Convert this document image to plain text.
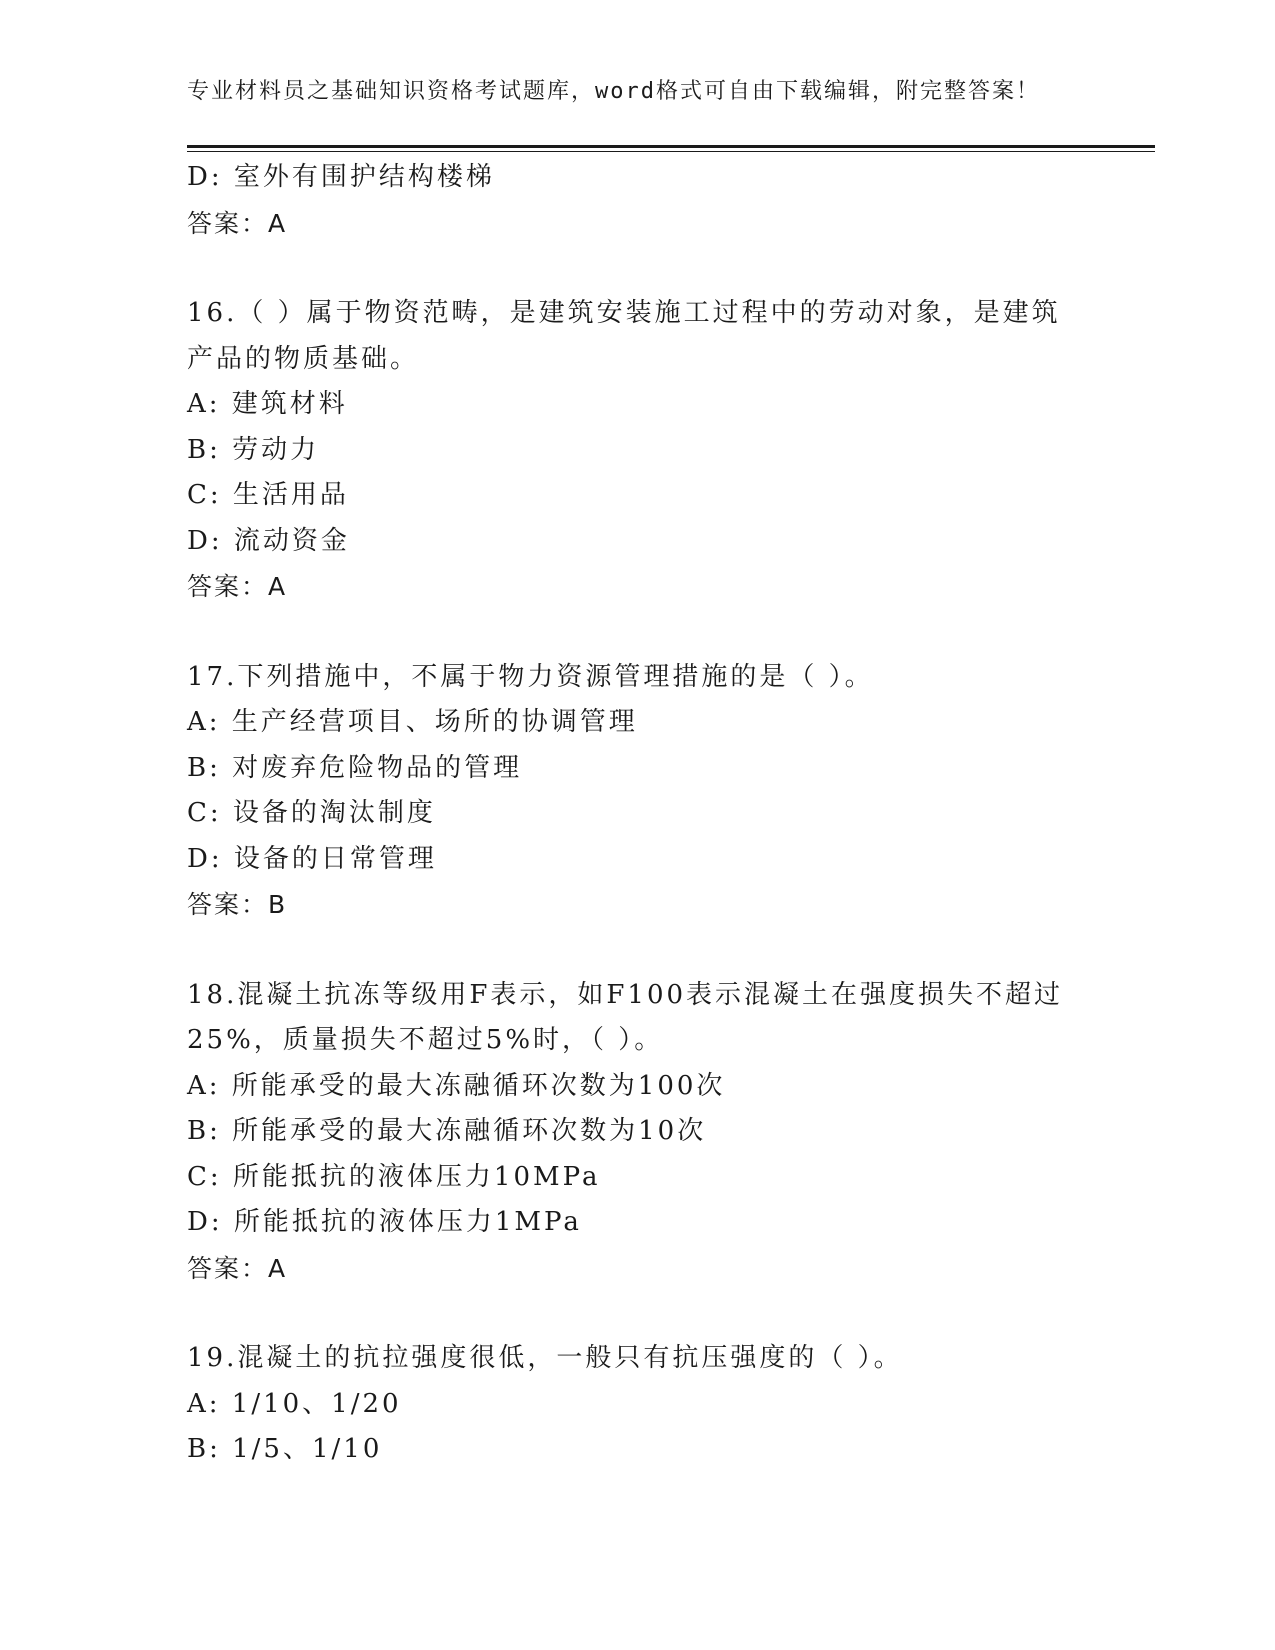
专业材料员之基础知识资格考试题库，word格式可自由下载编辑，附完整答案！
D: 室外有围护结构楼梯
答案：A
16.（ ）属于物资范畴，是建筑安装施工过程中的劳动对象，是建筑
产品的物质基础。
A: 建筑材料
B: 劳动力
C: 生活用品
D: 流动资金
答案：A
17.下列措施中，不属于物力资源管理措施的是（ ）。
A: 生产经营项目、场所的协调管理
B: 对废弃危险物品的管理
C: 设备的淘汰制度
D: 设备的日常管理
答案：B
18.混凝土抗冻等级用F表示，如F100表示混凝土在强度损失不超过
25%，质量损失不超过5%时，（ ）。
A: 所能承受的最大冻融循环次数为100次
B: 所能承受的最大冻融循环次数为10次
C: 所能抵抗的液体压力10MPa
D: 所能抵抗的液体压力1MPa
答案：A
19.混凝土的抗拉强度很低，一般只有抗压强度的（ ）。
A: 1/10、1/20
B: 1/5、1/10
